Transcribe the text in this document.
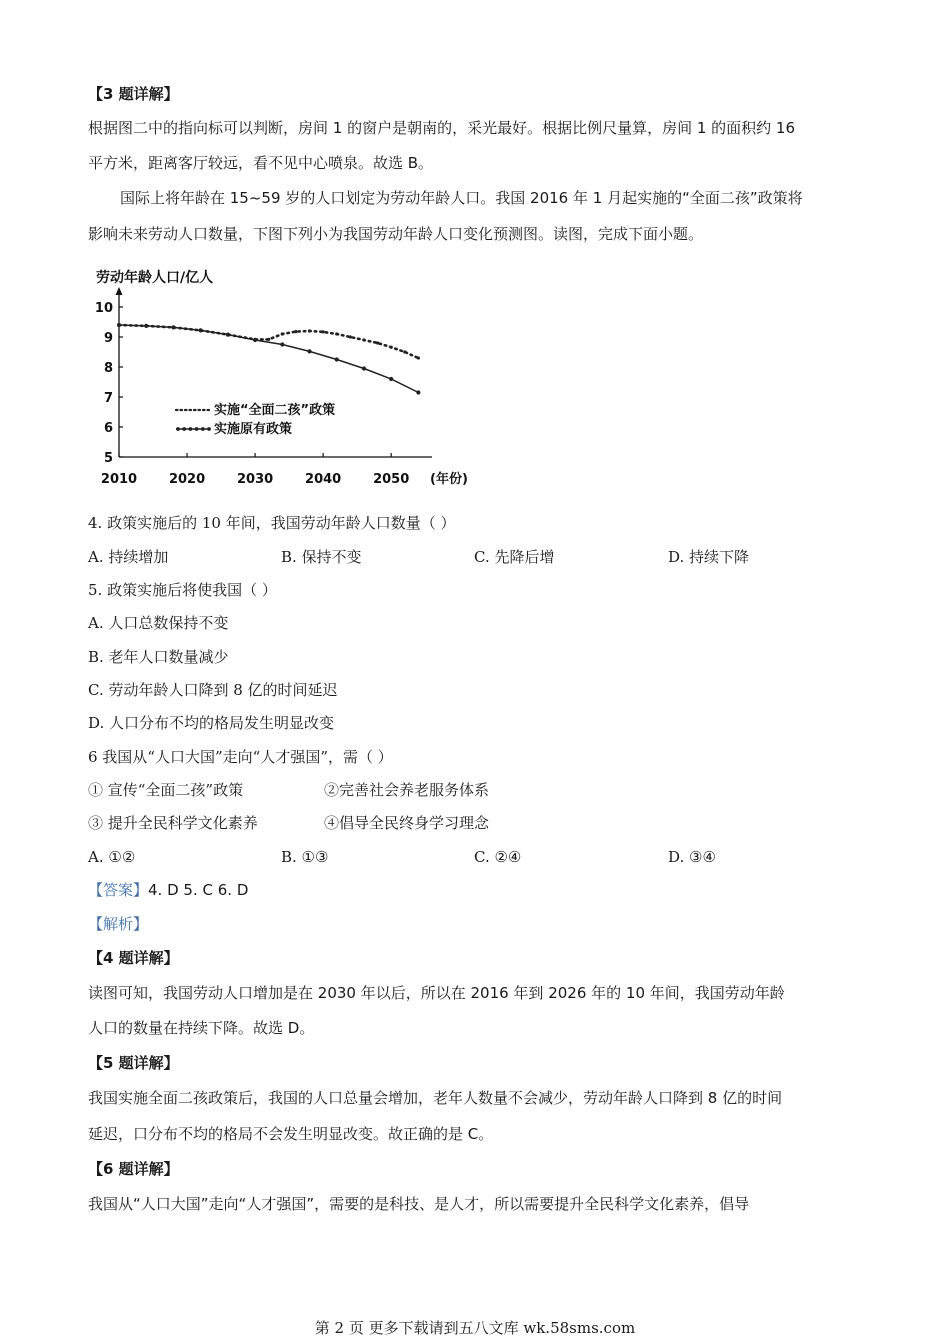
【3 题详解】
根据图二中的指向标可以判断，房间 1 的窗户是朝南的，采光最好。根据比例尺量算，房间 1 的面积约 16
平方米，距离客厅较远，看不见中心喷泉。故选 B。
国际上将年龄在 15~59 岁的人口划定为劳动年龄人口。我国 2016 年 1 月起实施的“全面二孩”政策将
影响未来劳动人口数量，下图下列小为我国劳动年龄人口变化预测图。读图，完成下面小题。
劳动年龄人口/亿人
10
9
8
7
6
5
2010 2020 2030 2040 2050 (年份)
实施“全面二孩”政策
实施原有政策
4. 政策实施后的 10 年间，我国劳动年龄人口数量（ ）
A. 持续增加	B. 保持不变	C. 先降后增	D. 持续下降
5. 政策实施后将使我国（ ）
A. 人口总数保持不变
B. 老年人口数量减少
C. 劳动年龄人口降到 8 亿的时间延迟
D. 人口分布不均的格局发生明显改变
6 我国从“人口大国”走向“人才强国”，需（ ）
① 宣传“全面二孩”政策	②完善社会养老服务体系
③ 提升全民科学文化素养	④倡导全民终身学习理念
A. ①②	B. ①③	C. ②④	D. ③④
【答案】4. D 5. C 6. D
【解析】
【4 题详解】
读图可知，我国劳动人口增加是在 2030 年以后，所以在 2016 年到 2026 年的 10 年间，我国劳动年龄
人口的数量在持续下降。故选 D。
【5 题详解】
我国实施全面二孩政策后，我国的人口总量会增加，老年人数量不会减少，劳动年龄人口降到 8 亿的时间
延迟，口分布不均的格局不会发生明显改变。故正确的是 C。
【6 题详解】
我国从“人口大国”走向“人才强国”，需要的是科技、是人才，所以需要提升全民科学文化素养，倡导
第 2 页 更多下载请到五八文库 wk.58sms.com
